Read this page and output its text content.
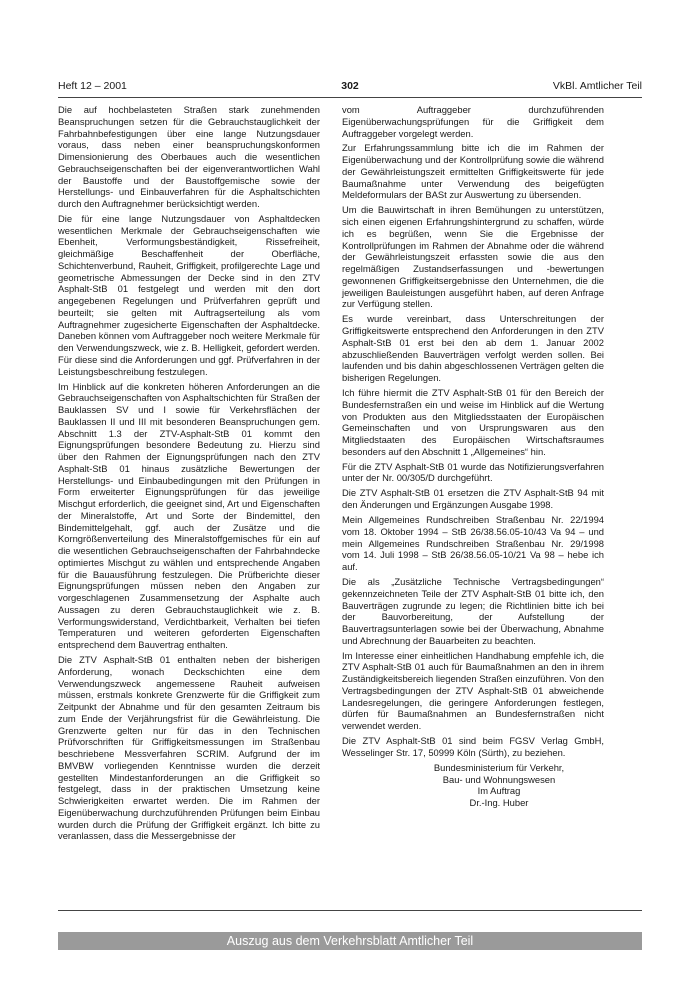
Heft 12 – 2001	302	VkBl. Amtlicher Teil

Die auf hochbelasteten Straßen stark zunehmenden Beanspruchungen setzen für die Gebrauchstauglichkeit der Fahrbahnbefestigungen über eine lange Nutzungsdauer voraus, dass neben einer beanspruchungskonformen Dimensionierung des Oberbaues auch die wesentlichen Gebrauchseigenschaften bei der eigenverantwortlichen Wahl der Baustoffe und der Baustoffgemische sowie der Herstellungs- und Einbauverfahren für die Asphaltschichten durch den Auftragnehmer berücksichtigt werden.

Die für eine lange Nutzungsdauer von Asphaltdecken wesentlichen Merkmale der Gebrauchseigenschaften wie Ebenheit, Verformungsbeständigkeit, Rissefreiheit, gleichmäßige Beschaffenheit der Oberfläche, Schichtenverbund, Rauheit, Griffigkeit, profilgerechte Lage und geometrische Abmessungen der Decke sind in den ZTV Asphalt-StB 01 festgelegt und werden mit den dort angegebenen Regelungen und Prüfverfahren geprüft und beurteilt; sie gelten mit Auftragserteilung als vom Auftragnehmer zugesicherte Eigenschaften der Asphaltdecke. Daneben können vom Auftraggeber noch weitere Merkmale für den Verwendungszweck, wie z. B. Helligkeit, gefordert werden. Für diese sind die Anforderungen und ggf. Prüfverfahren in der Leistungsbeschreibung festzulegen.

Im Hinblick auf die konkreten höheren Anforderungen an die Gebrauchseigenschaften von Asphaltschichten für Straßen der Bauklassen SV und I sowie für Verkehrsflächen der Bauklassen II und III mit besonderen Beanspruchungen gem. Abschnitt 1.3 der ZTV-Asphalt-StB 01 kommt den Eignungsprüfungen besondere Bedeutung zu. Hierzu sind über den Rahmen der Eignungsprüfungen nach den ZTV Asphalt-StB 01 hinaus zusätzliche Bewertungen der Herstellungs- und Einbaubedingungen mit den Prüfungen in Form erweiterter Eignungsprüfungen für das jeweilige Mischgut erforderlich, die geeignet sind, Art und Eigenschaften der Mineralstoffe, Art und Sorte der Bindemittel, den Bindemittelgehalt, ggf. auch der Zusätze und die Korngrößenverteilung des Mineralstoffgemisches für ein auf die wesentlichen Gebrauchseigenschaften der Fahrbahndecke optimiertes Mischgut zu wählen und entsprechende Angaben für die Bauausführung festzulegen. Die Prüfberichte dieser Eignungsprüfungen müssen neben den Angaben zur vorgeschlagenen Zusammensetzung der Asphalte auch Aussagen zu deren Gebrauchstauglichkeit wie z. B. Verformungswiderstand, Verdichtbarkeit, Verhalten bei tiefen Temperaturen und weiteren geforderten Eigenschaften entsprechend dem Bauvertrag enthalten.

Die ZTV Asphalt-StB 01 enthalten neben der bisherigen Anforderung, wonach Deckschichten eine dem Verwendungszweck angemessene Rauheit aufweisen müssen, erstmals konkrete Grenzwerte für die Griffigkeit zum Zeitpunkt der Abnahme und für den gesamten Zeitraum bis zum Ende der Verjährungsfrist für die Gewährleistung. Die Grenzwerte gelten nur für das in den Technischen Prüfvorschriften für Griffigkeitsmessungen im Straßenbau beschriebene Messverfahren SCRIM. Aufgrund der im BMVBW vorliegenden Kenntnisse wurden die derzeit gestellten Mindestanforderungen an die Griffigkeit so festgelegt, dass in der praktischen Umsetzung keine Schwierigkeiten erwartet werden. Die im Rahmen der Eigenüberwachung durchzuführenden Prüfungen beim Einbau wurden durch die Prüfung der Griffigkeit ergänzt. Ich bitte zu veranlassen, dass die Messergebnisse der

vom Auftraggeber durchzuführenden Eigenüberwachungsprüfungen für die Griffigkeit dem Auftraggeber vorgelegt werden.

Zur Erfahrungssammlung bitte ich die im Rahmen der Eigenüberwachung und der Kontrollprüfung sowie die während der Gewährleistungszeit ermittelten Griffigkeitswerte für jede Baumaßnahme unter Verwendung des beigefügten Meldeformulars der BASt zur Auswertung zu übersenden.

Um die Bauwirtschaft in ihren Bemühungen zu unterstützen, sich einen eigenen Erfahrungshintergrund zu schaffen, würde ich es begrüßen, wenn Sie die Ergebnisse der Kontrollprüfungen im Rahmen der Abnahme oder die während der Gewährleistungszeit erfassten sowie die aus den regelmäßigen Zustandserfassungen und -bewertungen gewonnenen Griffigkeitsergebnisse den Unternehmen, die die jeweiligen Bauleistungen ausgeführt haben, auf deren Anfrage zur Verfügung stellen.

Es wurde vereinbart, dass Unterschreitungen der Griffigkeitswerte entsprechend den Anforderungen in den ZTV Asphalt-StB 01 erst bei den ab dem 1. Januar 2002 abzuschließenden Bauverträgen verfolgt werden sollen. Bei laufenden und bis dahin abgeschlossenen Verträgen gelten die bisherigen Regelungen.

Ich führe hiermit die ZTV Asphalt-StB 01 für den Bereich der Bundesfernstraßen ein und weise im Hinblick auf die Wertung von Produkten aus den Mitgliedsstaaten der Europäischen Gemeinschaften und von Ursprungswaren aus den Mitgliedstaaten des Europäischen Wirtschaftsraumes besonders auf den Abschnitt 1 „Allgemeines“ hin.

Für die ZTV Asphalt-StB 01 wurde das Notifizierungsverfahren unter der Nr. 00/305/D durchgeführt.

Die ZTV Asphalt-StB 01 ersetzen die ZTV Asphalt-StB 94 mit den Änderungen und Ergänzungen Ausgabe 1998.

Mein Allgemeines Rundschreiben Straßenbau Nr. 22/1994 vom 18. Oktober 1994 – StB 26/38.56.05-10/43 Va 94 – und mein Allgemeines Rundschreiben Straßenbau Nr. 29/1998 vom 14. Juli 1998 – StB 26/38.56.05-10/21 Va 98 – hebe ich auf.

Die als „Zusätzliche Technische Vertragsbedingungen“ gekennzeichneten Teile der ZTV Asphalt-StB 01 bitte ich, den Bauverträgen zugrunde zu legen; die Richtlinien bitte ich bei der Bauvorbereitung, der Aufstellung der Bauvertragsunterlagen sowie bei der Überwachung, Abnahme und Abrechnung der Bauarbeiten zu beachten.

Im Interesse einer einheitlichen Handhabung empfehle ich, die ZTV Asphalt-StB 01 auch für Baumaßnahmen an den in ihrem Zuständigkeitsbereich liegenden Straßen einzuführen. Von den Vertragsbedingungen der ZTV Asphalt-StB 01 abweichende Landesregelungen, die geringere Anforderungen festlegen, dürfen für Baumaßnahmen an Bundesfernstraßen nicht verwendet werden.

Die ZTV Asphalt-StB 01 sind beim FGSV Verlag GmbH, Wesselinger Str. 17, 50999 Köln (Sürth), zu beziehen.

Bundesministerium für Verkehr,
Bau- und Wohnungswesen
Im Auftrag
Dr.-Ing. Huber
Auszug aus dem Verkehrsblatt Amtlicher Teil
